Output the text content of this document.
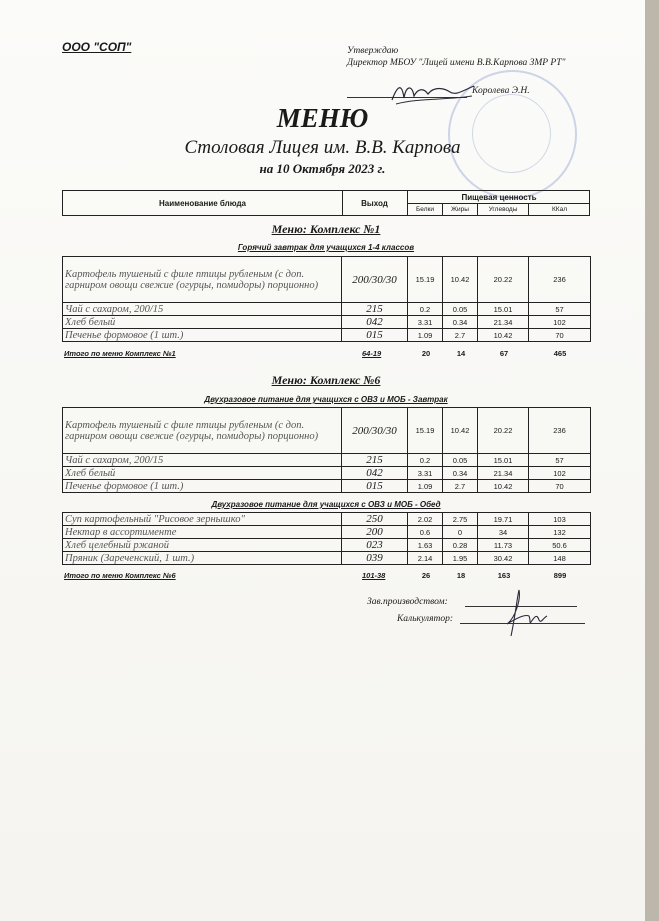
ООО "СОП"	Утверждаю
Директор МБОУ "Лицей имени В.В.Карпова ЗМР РТ"
Королева Э.Н.
МЕНЮ
Столовая Лицея им. В.В. Карпова
на 10 Октября 2023 г.
Наименование блюда	Выход
Пищевая ценность
Белки	Жиры	Углеводы	ККал
Меню: Комплекс №1
Горячий завтрак для учащихся 1-4 классов
Картофель тушеный с филе птицы рубленым (с доп. гарниром овощи свежие (огурцы, помидоры) порционно)	200/30/30	15.19	10.42	20.22	236
Чай с сахаром, 200/15	215	0.2	0.05	15.01	57
Хлеб белый	042	3.31	0.34	21.34	102
Печенье формовое (1 шт.)	015	1.09	2.7	10.42	70
Итого по меню Комплекс №1	64-19	20	14	67	465
Меню: Комплекс №6
Двухразовое питание для учащихся с ОВЗ и МОБ - Завтрак
Картофель тушеный с филе птицы рубленым (с доп. гарниром овощи свежие (огурцы, помидоры) порционно)	200/30/30	15.19	10.42	20.22	236
Чай с сахаром, 200/15	215	0.2	0.05	15.01	57
Хлеб белый	042	3.31	0.34	21.34	102
Печенье формовое (1 шт.)	015	1.09	2.7	10.42	70
Двухразовое питание для учащихся с ОВЗ и МОБ - Обед
Суп картофельный "Рисовое зернышко"	250	2.02	2.75	19.71	103
Нектар в ассортименте	200	0.6	0	34	132
Хлеб целебный ржаной	023	1.63	0.28	11.73	50.6
Пряник (Зареченский, 1 шт.)	039	2.14	1.95	30.42	148
Итого по меню Комплекс №6	101-38	26	18	163	899
Зав.производством:
Калькулятор:
